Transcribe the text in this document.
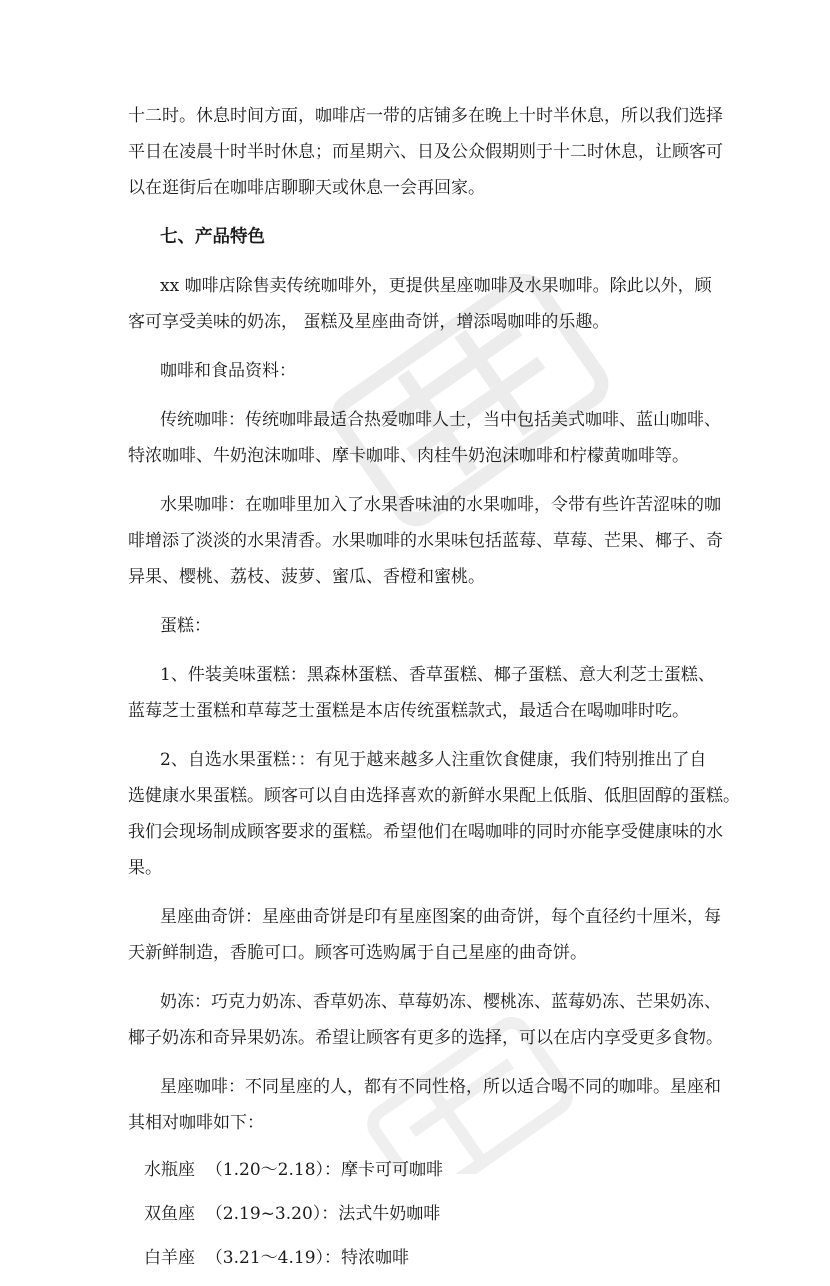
十二时。休息时间方面，咖啡店一带的店铺多在晚上十时半休息，所以我们选择
平日在凌晨十时半时休息；而星期六、日及公众假期则于十二时休息，让顾客可
以在逛街后在咖啡店聊聊天或休息一会再回家。
七、产品特色
xx 咖啡店除售卖传统咖啡外，更提供星座咖啡及水果咖啡。除此以外，顾
客可享受美味的奶冻， 蛋糕及星座曲奇饼，增添喝咖啡的乐趣。
咖啡和食品资料：
传统咖啡：传统咖啡最适合热爱咖啡人士，当中包括美式咖啡、蓝山咖啡、
特浓咖啡、牛奶泡沫咖啡、摩卡咖啡、肉桂牛奶泡沫咖啡和柠檬黄咖啡等。
水果咖啡：在咖啡里加入了水果香味油的水果咖啡，令带有些许苦涩味的咖
啡增添了淡淡的水果清香。水果咖啡的水果味包括蓝莓、草莓、芒果、椰子、奇
异果、樱桃、荔枝、菠萝、蜜瓜、香橙和蜜桃。
蛋糕：
1、件装美味蛋糕：黑森林蛋糕、香草蛋糕、椰子蛋糕、意大利芝士蛋糕、
蓝莓芝士蛋糕和草莓芝士蛋糕是本店传统蛋糕款式，最适合在喝咖啡时吃。
2、自选水果蛋糕：：有见于越来越多人注重饮食健康，我们特别推出了自
选健康水果蛋糕。顾客可以自由选择喜欢的新鲜水果配上低脂、低胆固醇的蛋糕。
我们会现场制成顾客要求的蛋糕。希望他们在喝咖啡的同时亦能享受健康味的水
果。
星座曲奇饼：星座曲奇饼是印有星座图案的曲奇饼，每个直径约十厘米，每
天新鲜制造，香脆可口。顾客可选购属于自己星座的曲奇饼。
奶冻：巧克力奶冻、香草奶冻、草莓奶冻、樱桃冻、蓝莓奶冻、芒果奶冻、
椰子奶冻和奇异果奶冻。希望让顾客有更多的选择，可以在店内享受更多食物。
星座咖啡：不同星座的人，都有不同性格，所以适合喝不同的咖啡。星座和
其相对咖啡如下：
水瓶座  （1.20～2.18）：摩卡可可咖啡
双鱼座  （2.19~3.20）：法式牛奶咖啡
白羊座  （3.21～4.19）：特浓咖啡
